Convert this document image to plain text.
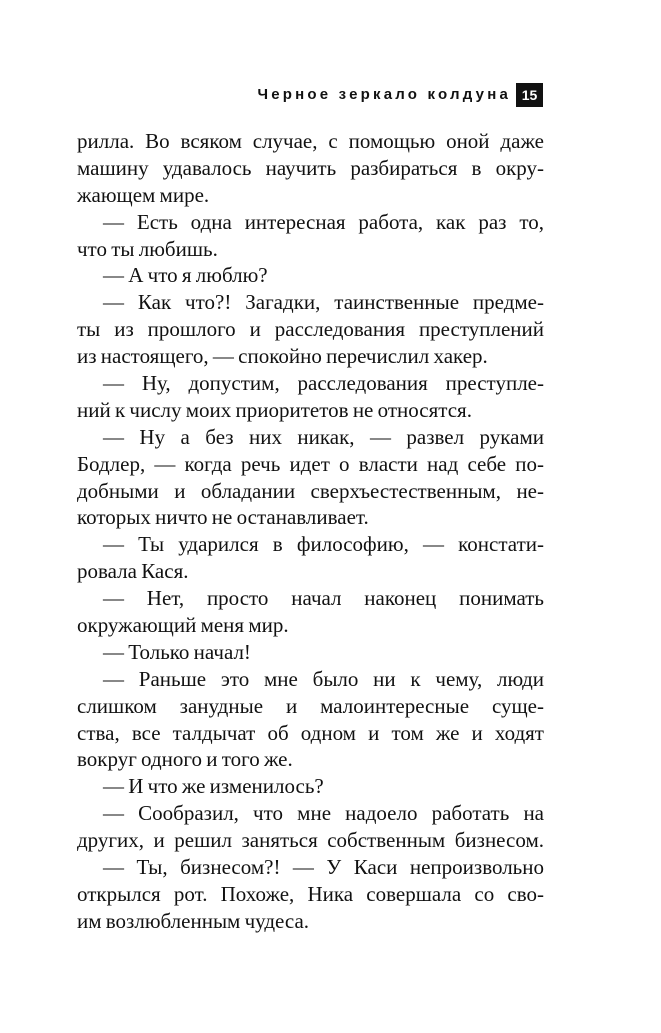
Черное зеркало колдуна 15
рилла. Во всяком случае, с помощью оной даже
машину удавалось научить разбираться в окру-
жающем мире.
— Есть одна интересная работа, как раз то,
что ты любишь.
— А что я люблю?
— Как что?! Загадки, таинственные предме-
ты из прошлого и расследования преступлений
из настоящего, — спокойно перечислил хакер.
— Ну, допустим, расследования преступле-
ний к числу моих приоритетов не относятся.
— Ну а без них никак, — развел руками
Бодлер, — когда речь идет о власти над себе по-
добными и обладании сверхъестественным, не-
которых ничто не останавливает.
— Ты ударился в философию, — констати-
ровала Кася.
— Нет, просто начал наконец понимать
окружающий меня мир.
— Только начал!
— Раньше это мне было ни к чему, люди
слишком занудные и малоинтересные суще-
ства, все талдычат об одном и том же и ходят
вокруг одного и того же.
— И что же изменилось?
— Сообразил, что мне надоело работать на
других, и решил заняться собственным бизнесом.
— Ты, бизнесом?! — У Каси непроизвольно
открылся рот. Похоже, Ника совершала со сво-
им возлюбленным чудеса.
